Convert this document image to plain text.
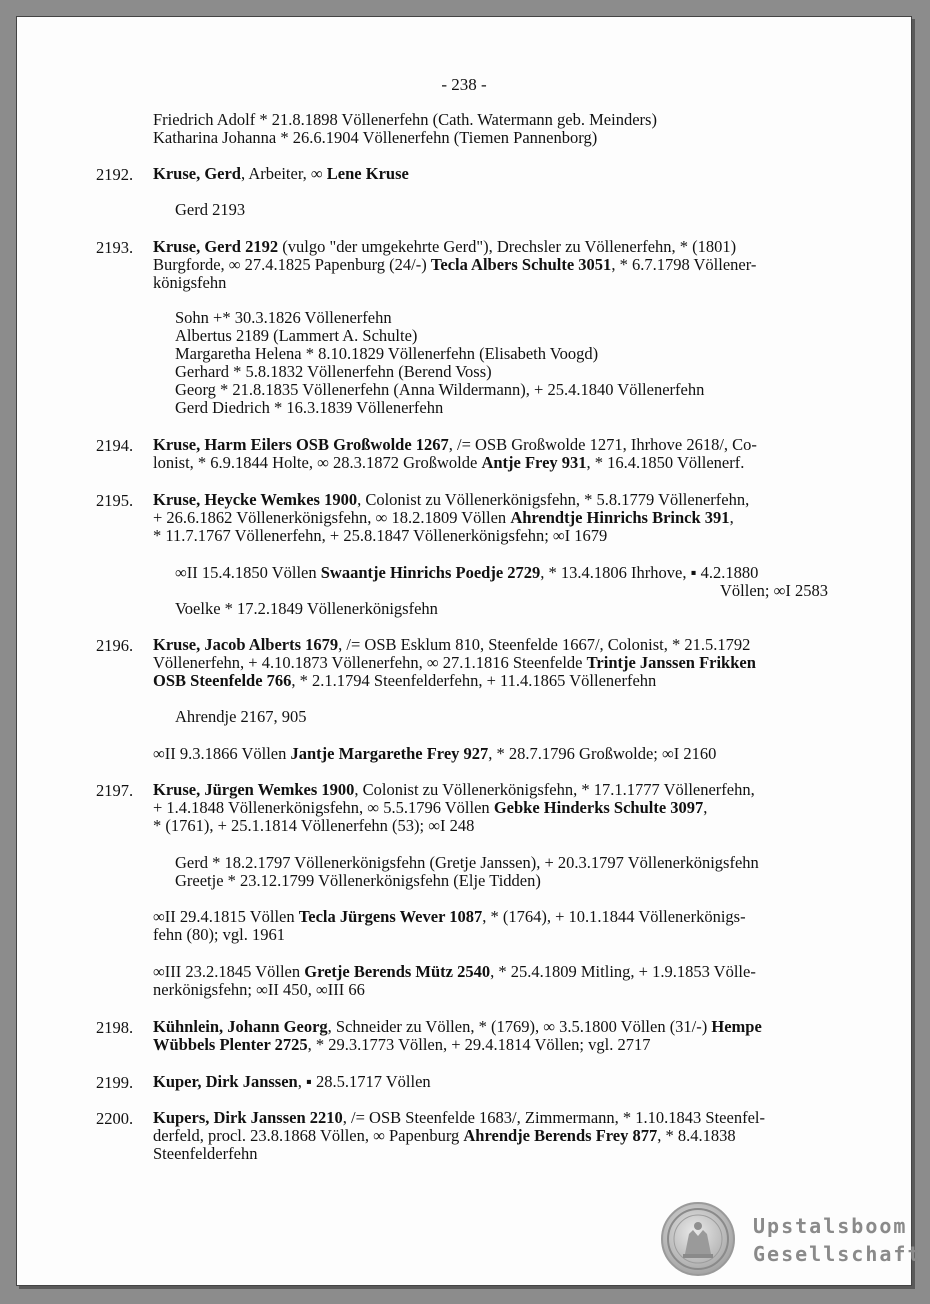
- 238 -
Friedrich Adolf * 21.8.1898 Völlenerfehn (Cath. Watermann geb. Meinders)
Katharina Johanna * 26.6.1904 Völlenerfehn (Tiemen Pannenborg)
2192. Kruse, Gerd, Arbeiter, ∞ Lene Kruse
Gerd 2193
2193. Kruse, Gerd 2192 (vulgo "der umgekehrte Gerd"), Drechsler zu Völlenerfehn, * (1801)
Burgforde, ∞ 27.4.1825 Papenburg (24/-) Tecla Albers Schulte 3051, * 6.7.1798 Völlener-
königsfehn
Sohn +* 30.3.1826 Völlenerfehn
Albertus 2189 (Lammert A. Schulte)
Margaretha Helena * 8.10.1829 Völlenerfehn (Elisabeth Voogd)
Gerhard * 5.8.1832 Völlenerfehn (Berend Voss)
Georg * 21.8.1835 Völlenerfehn (Anna Wildermann), + 25.4.1840 Völlenerfehn
Gerd Diedrich * 16.3.1839 Völlenerfehn
2194. Kruse, Harm Eilers OSB Großwolde 1267, /= OSB Großwolde 1271, Ihrhove 2618/, Co-
lonist, * 6.9.1844 Holte, ∞ 28.3.1872 Großwolde Antje Frey 931, * 16.4.1850 Völlenerf.
2195. Kruse, Heycke Wemkes 1900, Colonist zu Völlenerkönigsfehn, * 5.8.1779 Völlenerfehn,
+ 26.6.1862 Völlenerkönigsfehn, ∞ 18.2.1809 Völlen Ahrendtje Hinrichs Brinck 391,
* 11.7.1767 Völlenerfehn, + 25.8.1847 Völlenerkönigsfehn; ∞I 1679
∞II 15.4.1850 Völlen Swaantje Hinrichs Poedje 2729, * 13.4.1806 Ihrhove, ▪ 4.2.1880
Völlen; ∞I 2583
Voelke * 17.2.1849 Völlenerkönigsfehn
2196. Kruse, Jacob Alberts 1679, /= OSB Esklum 810, Steenfelde 1667/, Colonist, * 21.5.1792
Völlenerfehn, + 4.10.1873 Völlenerfehn, ∞ 27.1.1816 Steenfelde Trintje Janssen Frikken
OSB Steenfelde 766, * 2.1.1794 Steenfelderfehn, + 11.4.1865 Völlenerfehn
Ahrendje 2167, 905
∞II 9.3.1866 Völlen Jantje Margarethe Frey 927, * 28.7.1796 Großwolde; ∞I 2160
2197. Kruse, Jürgen Wemkes 1900, Colonist zu Völlenerkönigsfehn, * 17.1.1777 Völlenerfehn,
+ 1.4.1848 Völlenerkönigsfehn, ∞ 5.5.1796 Völlen Gebke Hinderks Schulte 3097,
* (1761), + 25.1.1814 Völlenerfehn (53); ∞I 248
Gerd * 18.2.1797 Völlenerkönigsfehn (Gretje Janssen), + 20.3.1797 Völlenerkönigsfehn
Greetje * 23.12.1799 Völlenerkönigsfehn (Elje Tidden)
∞II 29.4.1815 Völlen Tecla Jürgens Wever 1087, * (1764), + 10.1.1844 Völlenerkönigs-
fehn (80); vgl. 1961
∞III 23.2.1845 Völlen Gretje Berends Mütz 2540, * 25.4.1809 Mitling, + 1.9.1853 Völle-
nerkönigsfehn; ∞II 450, ∞III 66
2198. Kühnlein, Johann Georg, Schneider zu Völlen, * (1769), ∞ 3.5.1800 Völlen (31/-) Hempe
Wübbels Plenter 2725, * 29.3.1773 Völlen, + 29.4.1814 Völlen; vgl. 2717
2199. Kuper, Dirk Janssen, ▪ 28.5.1717 Völlen
2200. Kupers, Dirk Janssen 2210, /= OSB Steenfelde 1683/, Zimmermann, * 1.10.1843 Steenfel-
derfeld, procl. 23.8.1868 Völlen, ∞ Papenburg Ahrendje Berends Frey 877, * 8.4.1838
Steenfelderfehn
Upstalsboom
Gesellschaft
